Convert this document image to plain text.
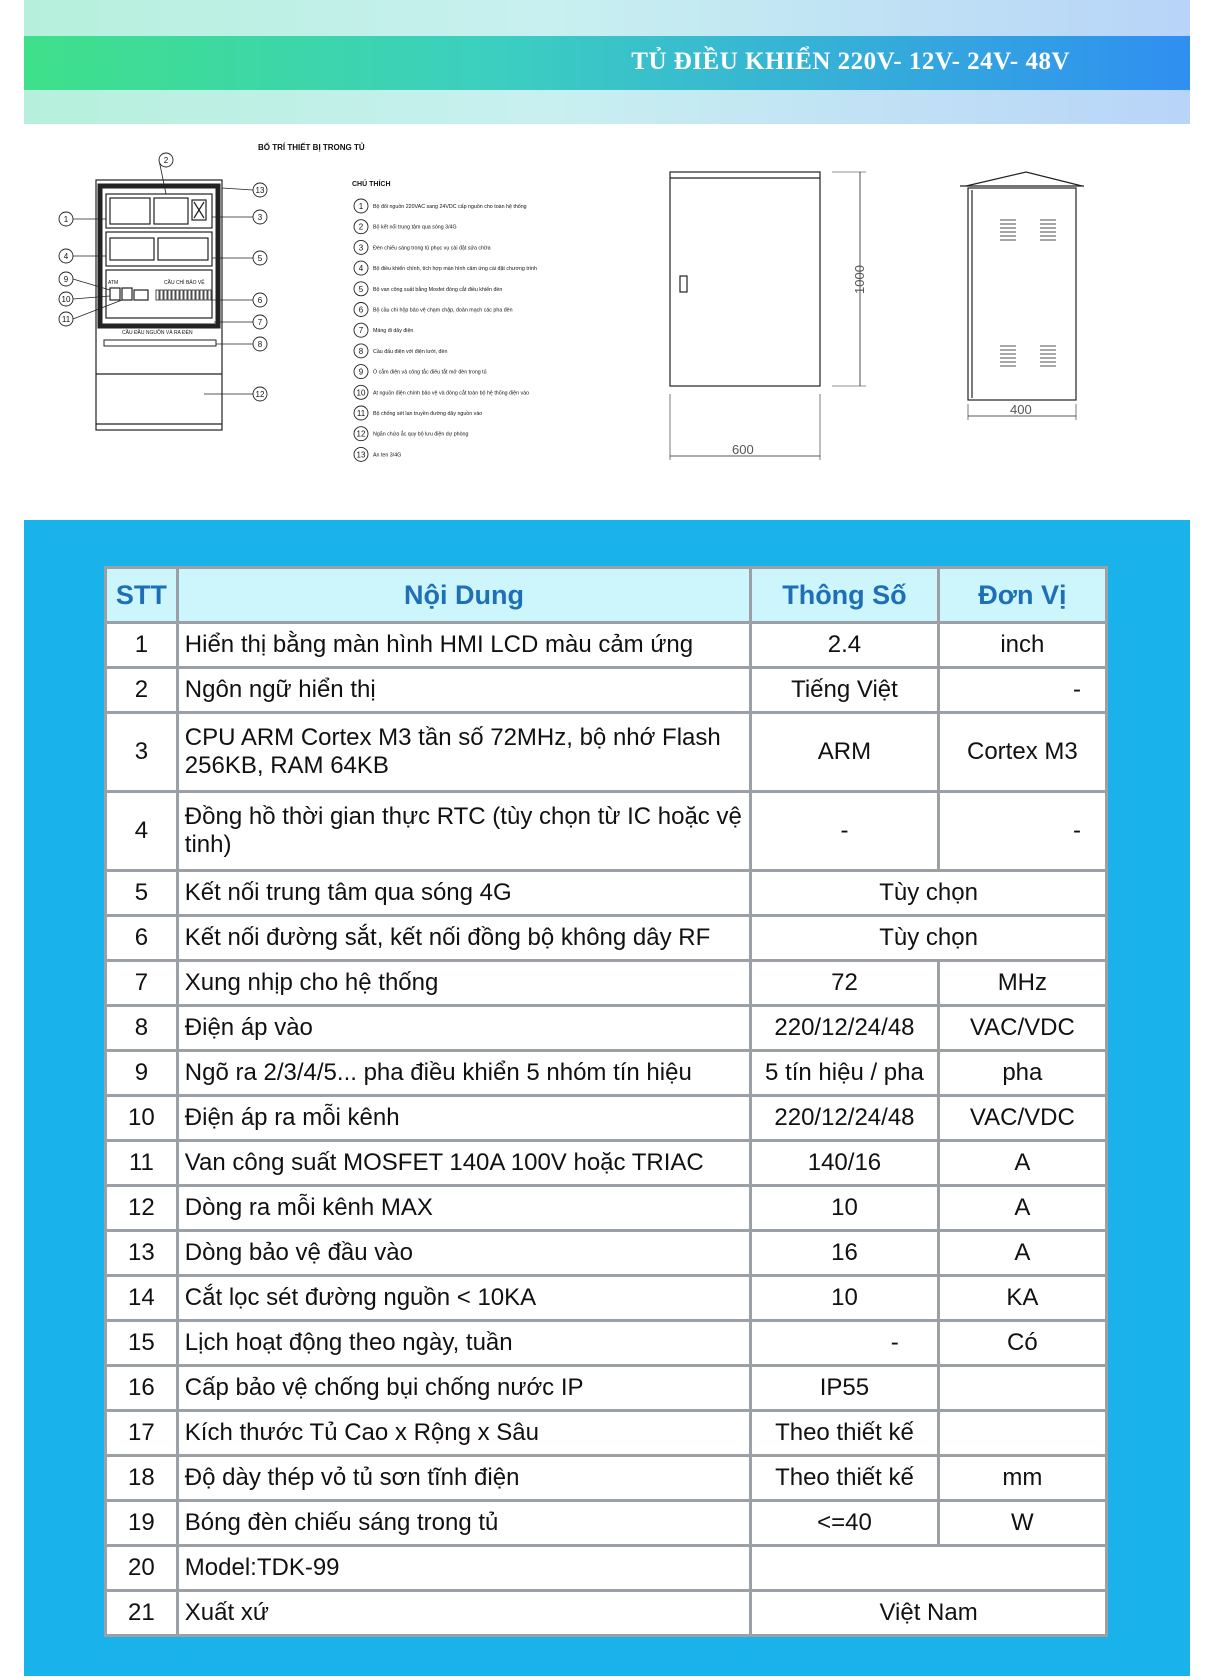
TỦ ĐIỀU KHIỂN 220V- 12V- 24V- 48V
BỐ TRÍ THIẾT BỊ TRONG TỦ
ATM	CẦU CHÌ BẢO VỆ
CẦU ĐẦU NGUỒN VÀ RA ĐÈN
1
2
3
4	5
6
7
8
9
10
11
12
13
CHÚ THÍCH
1 Bộ đổi nguồn 220VAC sang 24VDC cấp nguồn cho toàn hệ thống
2 Bộ kết nối trung tâm qua sóng 3/4G
3 Đèn chiếu sáng trong tủ phục vụ cài đặt sửa chữa
4 Bộ điều khiển chính, tích hợp màn hình cảm ứng cài đặt chương trình
5 Bộ van công suất bằng Mosfet đóng cắt điều khiển đèn
6 Bộ cầu chì hộp bảo vệ chạm chập, đoản mạch các pha đèn
7 Máng đi dây điện
8 Cầu đấu điện với điện lưới, đèn
9 Ổ cắm điện và công tắc điều tắt mở đèn trong tủ
10 At nguồn điện chính bảo vệ và đóng cắt toàn bộ hệ thống điện vào
11 Bộ chống sét lan truyền đường dây nguồn vào
12 Ngăn chứa ắc quy bộ lưu điện dự phòng
13 An ten 3/4G
1000
600
400
STT	Nội Dung	Thông Số	Đơn Vị
1	Hiển thị bằng màn hình HMI LCD màu cảm ứng	2.4	inch
2	Ngôn ngữ hiển thị	Tiếng Việt	-
3	CPU ARM Cortex M3 tần số 72MHz, bộ nhớ Flash 256KB, RAM 64KB	ARM	Cortex M3
4	Đồng hồ thời gian thực RTC (tùy chọn từ IC hoặc vệ tinh)	-	-
5	Kết nối trung tâm qua sóng 4G	Tùy chọn	
6	Kết nối đường sắt, kết nối đồng bộ không dây RF	Tùy chọn	
7	Xung nhịp cho hệ thống	72	MHz
8	Điện áp vào	220/12/24/48	VAC/VDC
9	Ngõ ra 2/3/4/5... pha điều khiển 5 nhóm tín hiệu	5 tín hiệu / pha	pha
10	Điện áp ra mỗi kênh	220/12/24/48	VAC/VDC
11	Van công suất MOSFET 140A 100V hoặc TRIAC	140/16	A
12	Dòng ra mỗi kênh MAX	10	A
13	Dòng bảo vệ đầu vào	16	A
14	Cắt lọc sét đường nguồn < 10KA	10	KA
15	Lịch hoạt động theo ngày, tuần	-	Có
16	Cấp bảo vệ chống bụi chống nước IP	IP55	
17	Kích thước Tủ Cao x Rộng x Sâu	Theo thiết kế	
18	Độ dày thép vỏ tủ sơn tĩnh điện	Theo thiết kế	mm
19	Bóng đèn chiếu sáng trong tủ	<=40	W
20	Model:TDK-99		
21	Xuất xứ	Việt Nam	
